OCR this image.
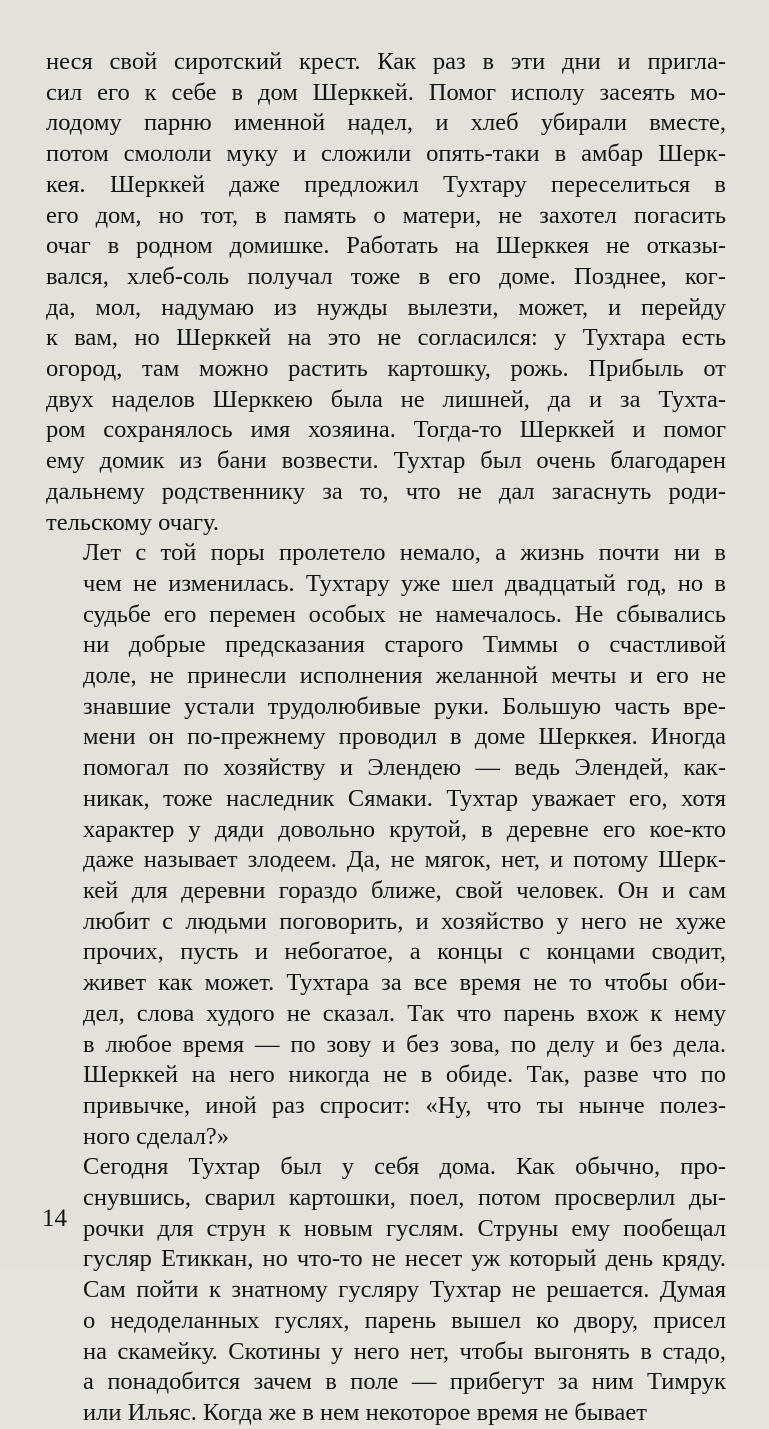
неся свой сиротский крест. Как раз в эти дни и пригла-
сил его к себе в дом Шерккей. Помог исполу засеять мо-
лодому парню именной надел, и хлеб убирали вместе,
потом смололи муку и сложили опять-таки в амбар Шерк-
кея. Шерккей даже предложил Тухтару переселиться в
его дом, но тот, в память о матери, не захотел погасить
очаг в родном домишке. Работать на Шерккея не отказы-
вался, хлеб-соль получал тоже в его доме. Позднее, ког-
да, мол, надумаю из нужды вылезти, может, и перейду
к вам, но Шерккей на это не согласился: у Тухтара есть
огород, там можно растить картошку, рожь. Прибыль от
двух наделов Шерккею была не лишней, да и за Тухта-
ром сохранялось имя хозяина. Тогда-то Шерккей и помог
ему домик из бани возвести. Тухтар был очень благодарен
дальнему родственнику за то, что не дал загаснуть роди-
тельскому очагу.

Лет с той поры пролетело немало, а жизнь почти ни в
чем не изменилась. Тухтару уже шел двадцатый год, но в
судьбе его перемен особых не намечалось. Не сбывались
ни добрые предсказания старого Тиммы о счастливой
доле, не принесли исполнения желанной мечты и его не
знавшие устали трудолюбивые руки. Большую часть вре-
мени он по-прежнему проводил в доме Шерккея. Иногда
помогал по хозяйству и Элендею — ведь Элендей, как-
никак, тоже наследник Сямаки. Тухтар уважает его, хотя
характер у дяди довольно крутой, в деревне его кое-кто
даже называет злодеем. Да, не мягок, нет, и потому Шерк-
кей для деревни гораздо ближе, свой человек. Он и сам
любит с людьми поговорить, и хозяйство у него не хуже
прочих, пусть и небогатое, а концы с концами сводит,
живет как может. Тухтара за все время не то чтобы оби-
дел, слова худого не сказал. Так что парень вхож к нему
в любое время — по зову и без зова, по делу и без дела.
Шерккей на него никогда не в обиде. Так, разве что по
привычке, иной раз спросит: «Ну, что ты нынче полез-
ного сделал?»

Сегодня Тухтар был у себя дома. Как обычно, про-
снувшись, сварил картошки, поел, потом просверлил ды-
рочки для струн к новым гуслям. Струны ему пообещал
гусляр Етиккан, но что-то не несет уж который день кряду.
Сам пойти к знатному гусляру Тухтар не решается. Думая
о недоделанных гуслях, парень вышел ко двору, присел
на скамейку. Скотины у него нет, чтобы выгонять в стадо,
а понадобится зачем в поле — прибегут за ним Тимрук
или Ильяс. Когда же в нем некоторое время не бывает

14
